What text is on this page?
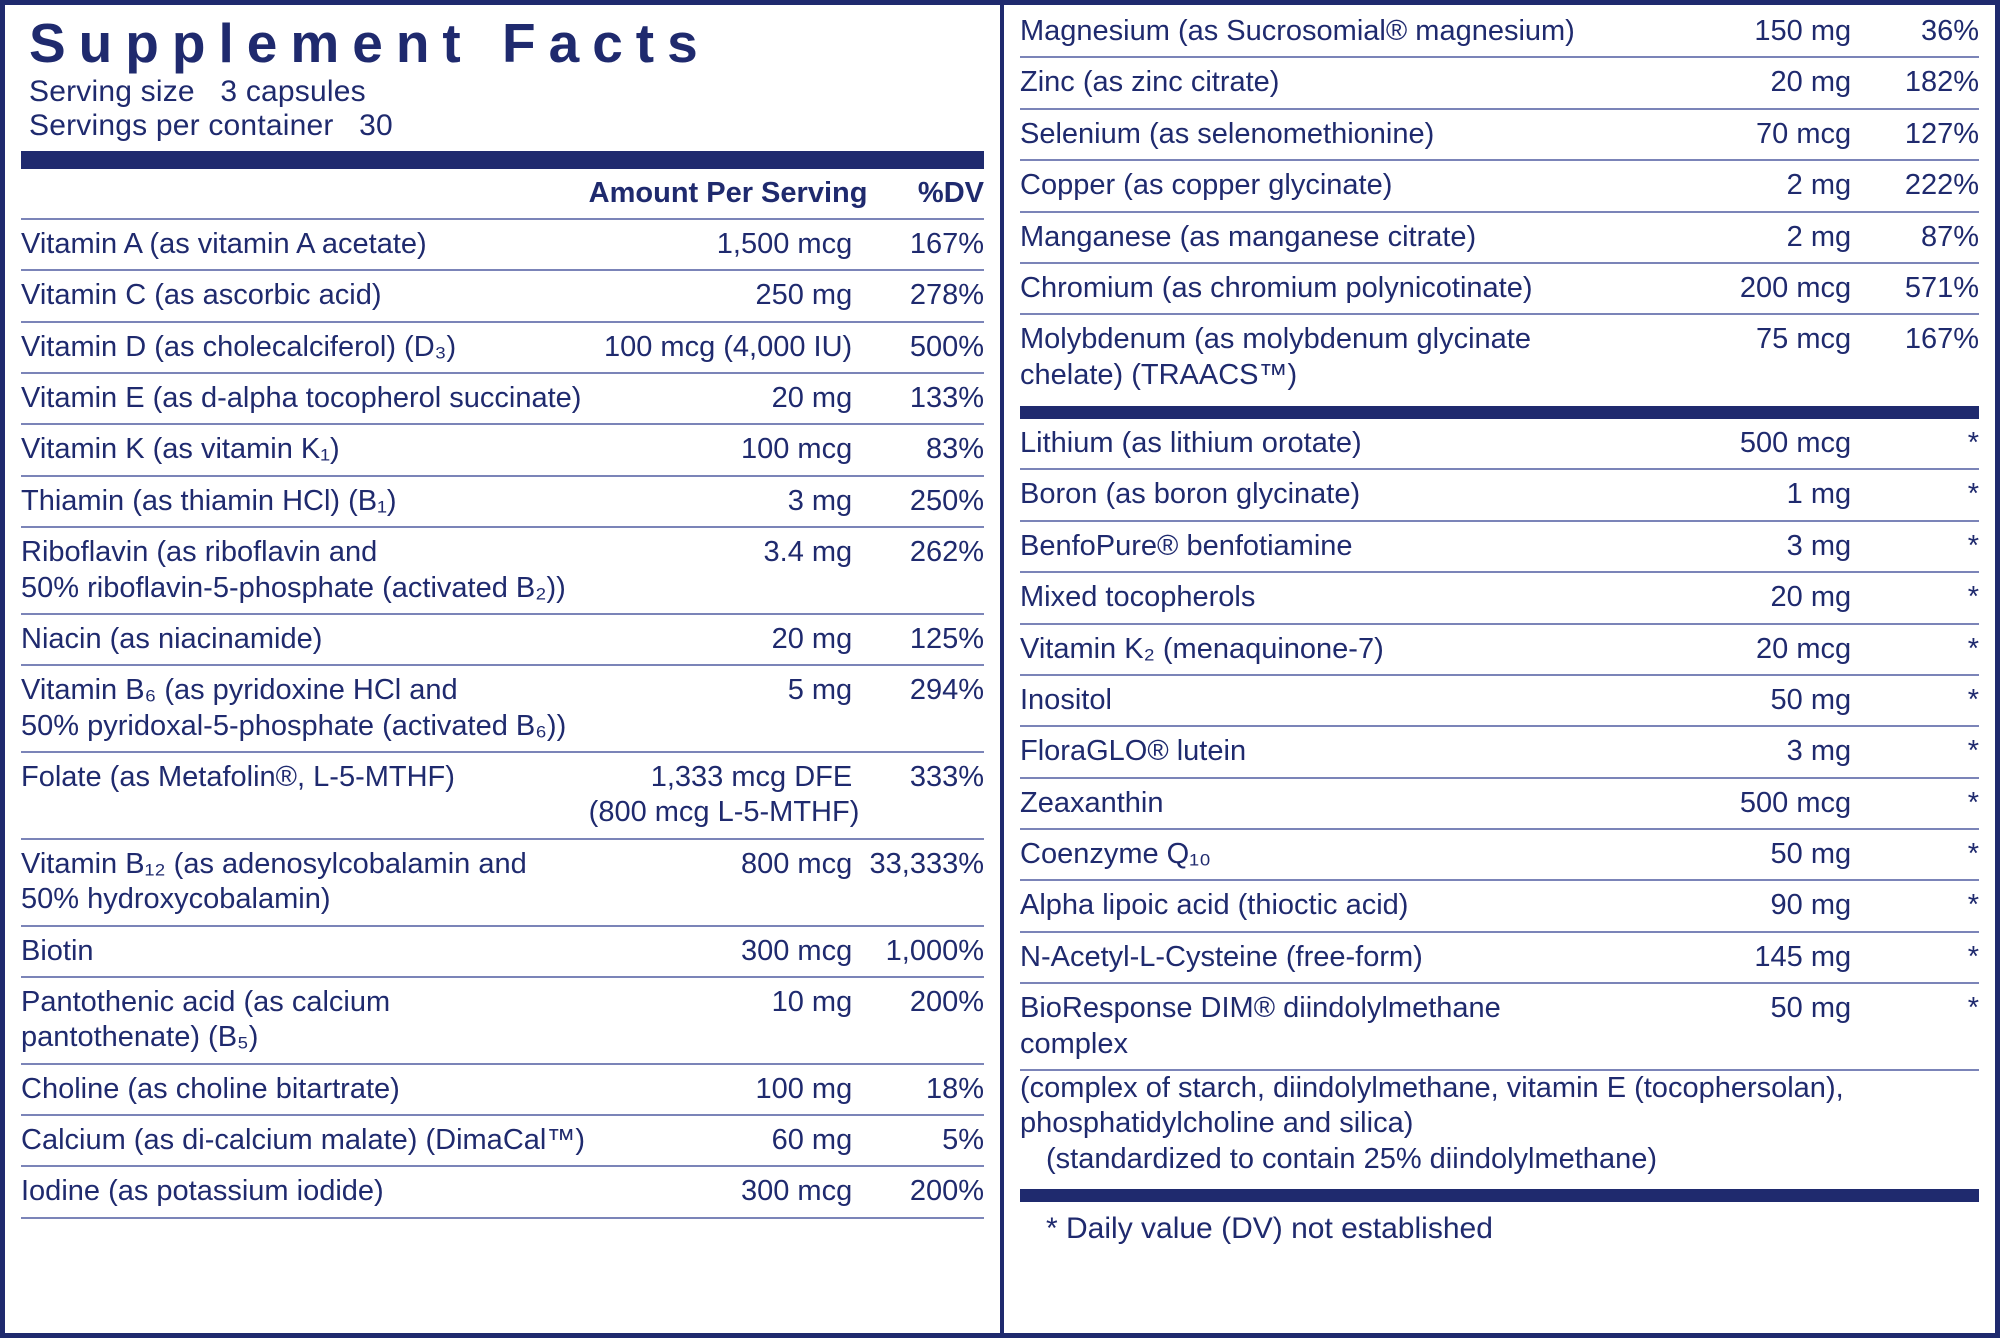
Supplement Facts
Serving size 3 capsules
Servings per container 30
	Amount Per Serving	%DV
Vitamin A (as vitamin A acetate)	1,500 mcg	167%
Vitamin C (as ascorbic acid)	250 mg	278%
Vitamin D (as cholecalciferol) (D₃)	100 mcg (4,000 IU)	500%
Vitamin E (as d-alpha tocopherol succinate)	20 mg	133%
Vitamin K (as vitamin K₁)	100 mcg	83%
Thiamin (as thiamin HCl) (B₁)	3 mg	250%

Riboflavin (as riboflavin and
50% riboflavin-5-phosphate (activated B₂))	3.4 mg	262%
Niacin (as niacinamide)	20 mg	125%

Vitamin B₆ (as pyridoxine HCl and
50% pyridoxal-5-phosphate (activated B₆))	5 mg	294%
Folate (as Metafolin®, L-5-MTHF)	1,333 mcg DFE
(800 mcg L-5-MTHF)	333%

Vitamin B₁₂ (as adenosylcobalamin and
50% hydroxycobalamin)	800 mcg	33,333%
Biotin	300 mcg	1,000%

Pantothenic acid (as calcium
pantothenate) (B₅)	10 mg	200%
Choline (as choline bitartrate)	100 mg	18%
Calcium (as di-calcium malate) (DimaCal™)	60 mg	5%
Iodine (as potassium iodide)	300 mcg	200%
Magnesium (as Sucrosomial® magnesium)	150 mg	36%
Zinc (as zinc citrate)	20 mg	182%
Selenium (as selenomethionine)	70 mcg	127%
Copper (as copper glycinate)	2 mg	222%
Manganese (as manganese citrate)	2 mg	87%
Chromium (as chromium polynicotinate)	200 mcg	571%

Molybdenum (as molybdenum glycinate
chelate) (TRAACS™)	75 mcg	167%
Lithium (as lithium orotate)	500 mcg	*
Boron (as boron glycinate)	1 mg	*
BenfoPure® benfotiamine	3 mg	*
Mixed tocopherols	20 mg	*
Vitamin K₂ (menaquinone-7)	20 mcg	*
Inositol	50 mg	*
FloraGLO® lutein	3 mg	*
Zeaxanthin	500 mcg	*
Coenzyme Q₁₀	50 mg	*
Alpha lipoic acid (thioctic acid)	90 mg	*
N-Acetyl-L-Cysteine (free-form)	145 mg	*
BioResponse DIM® diindolylmethane complex	50 mg	*
(complex of starch, diindolylmethane, vitamin E (tocophersolan),
phosphatidylcholine and silica)
(standardized to contain 25% diindolylmethane)
* Daily value (DV) not established
